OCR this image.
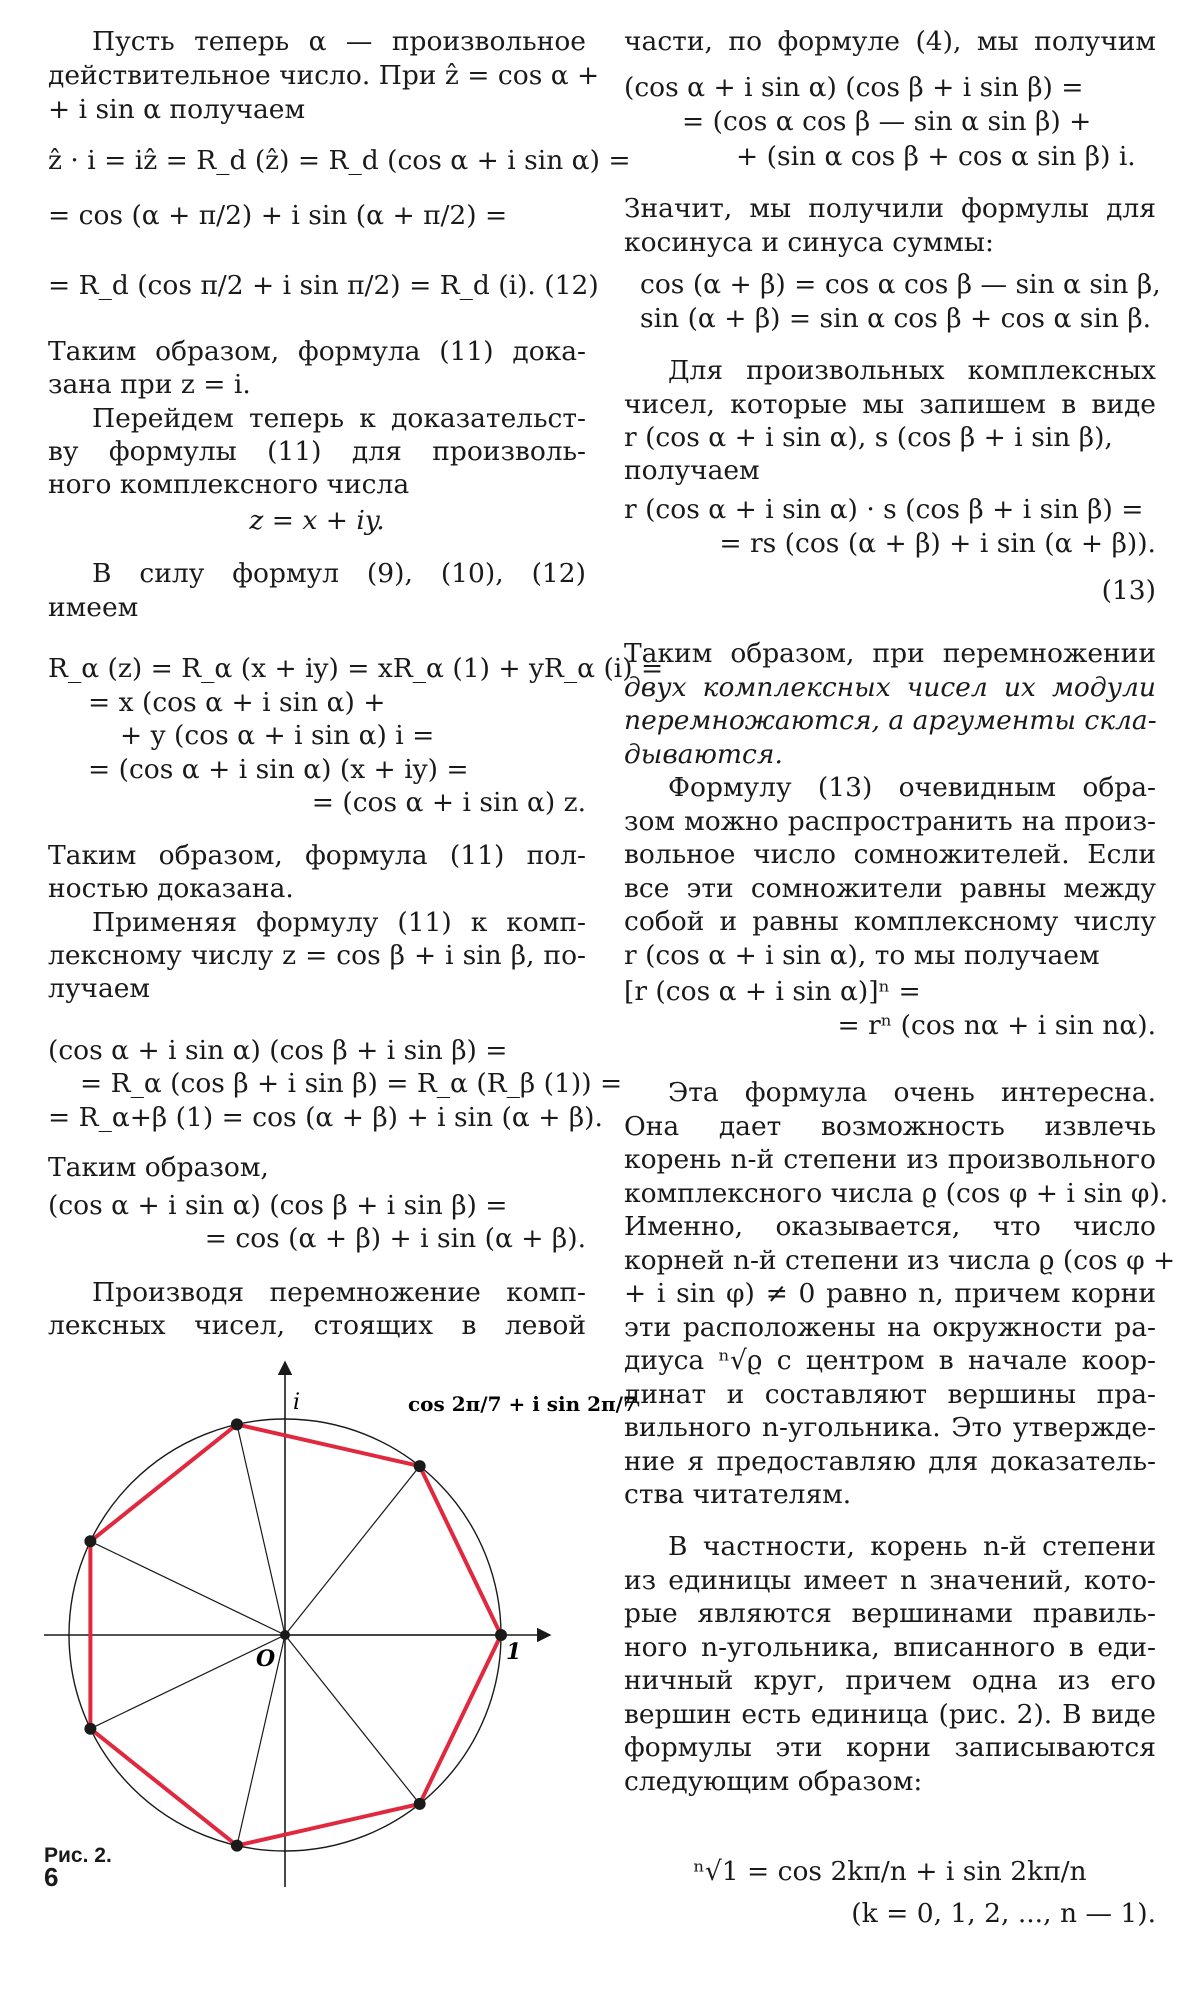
Пусть теперь α — произвольное
действительное число. При ẑ = cos α +
+ i sin α получаем
ẑ · i = iẑ = R_d (ẑ) = R_d (cos α + i sin α) =
= cos (α + π/2) + i sin (α + π/2) =
= R_d (cos π/2 + i sin π/2) = R_d (i). (12)
Таким образом, формула (11) дока-
зана при z = i.
Перейдем теперь к доказательст-
ву формулы (11) для произволь-
ного комплексного числа
z = x + iy.
В силу формул (9), (10), (12)
имеем
R_α (z) = R_α (x + iy) = xR_α (1) + yR_α (i) =
= x (cos α + i sin α) +
+ y (cos α + i sin α) i =
= (cos α + i sin α) (x + iy) =
= (cos α + i sin α) z.
Таким образом, формула (11) пол-
ностью доказана.
Применяя формулу (11) к комп-
лексному числу z = cos β + i sin β, по-
лучаем
(cos α + i sin α) (cos β + i sin β) =
= R_α (cos β + i sin β) = R_α (R_β (1)) =
= R_α+β (1) = cos (α + β) + i sin (α + β).
Таким образом,
(cos α + i sin α) (cos β + i sin β) =
= cos (α + β) + i sin (α + β).
Производя перемножение комп-
лексных чисел, стоящих в левой
i
1
O
cos 2π/7 + i sin 2π/7
Рис. 2.
6
части, по формуле (4), мы получим
(cos α + i sin α) (cos β + i sin β) =
= (cos α cos β — sin α sin β) +
+ (sin α cos β + cos α sin β) i.
Значит, мы получили формулы для
косинуса и синуса суммы:
cos (α + β) = cos α cos β — sin α sin β,
sin (α + β) = sin α cos β + cos α sin β.
Для произвольных комплексных
чисел, которые мы запишем в виде
r (cos α + i sin α), s (cos β + i sin β),
получаем
r (cos α + i sin α) · s (cos β + i sin β) =
= rs (cos (α + β) + i sin (α + β)).
(13)
Таким образом, при перемножении
двух комплексных чисел их модули
перемножаются, а аргументы скла-
дываются.
Формулу (13) очевидным обра-
зом можно распространить на произ-
вольное число сомножителей. Если
все эти сомножители равны между
собой и равны комплексному числу
r (cos α + i sin α), то мы получаем
[r (cos α + i sin α)]ⁿ =
= rⁿ (cos nα + i sin nα).
Эта формула очень интересна.
Она дает возможность извлечь
корень n-й степени из произвольного
комплексного числа ϱ (cos φ + i sin φ).
Именно, оказывается, что число
корней n-й степени из числа ϱ (cos φ +
+ i sin φ) ≠ 0 равно n, причем корни
эти расположены на окружности ра-
диуса ⁿ√ϱ с центром в начале коор-
динат и составляют вершины пра-
вильного n-угольника. Это утвержде-
ние я предоставляю для доказатель-
ства читателям.
В частности, корень n-й степени
из единицы имеет n значений, кото-
рые являются вершинами правиль-
ного n-угольника, вписанного в еди-
ничный круг, причем одна из его
вершин есть единица (рис. 2). В виде
формулы эти корни записываются
следующим образом:
ⁿ√1 = cos 2kπ/n + i sin 2kπ/n
(k = 0, 1, 2, ..., n — 1).
